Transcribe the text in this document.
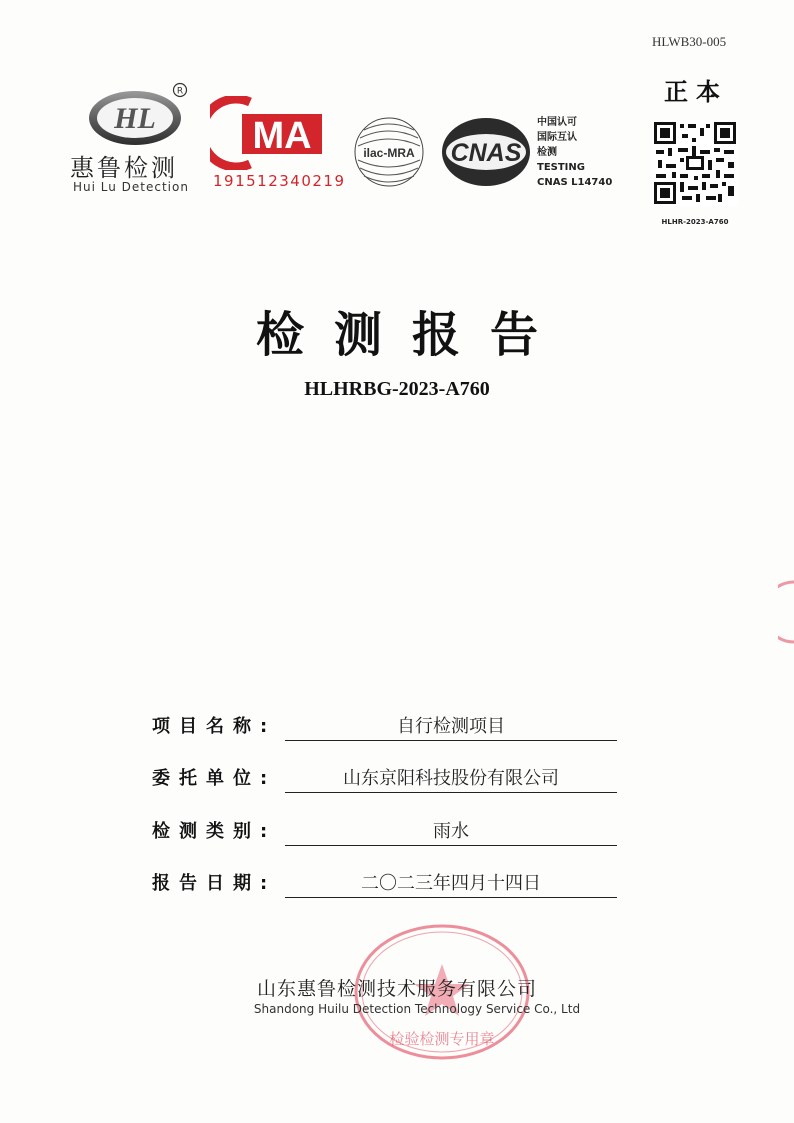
HLWB30-005
正本
HLHR-2023-A760
HL
R
惠鲁检测
Hui Lu Detection
MA
191512340219
ilac-MRA CNAS
中国认可
国际互认
检测
TESTING
CNAS L14740
检测报告
HLHRBG-2023-A760
项目名称:	自行检测项目
委托单位:	山东京阳科技股份有限公司
检测类别:	雨水
报告日期:	二〇二三年四月十四日
检验检测专用章
山东惠鲁检测技术服务有限公司
Shandong Huilu Detection Technology Service Co., Ltd
